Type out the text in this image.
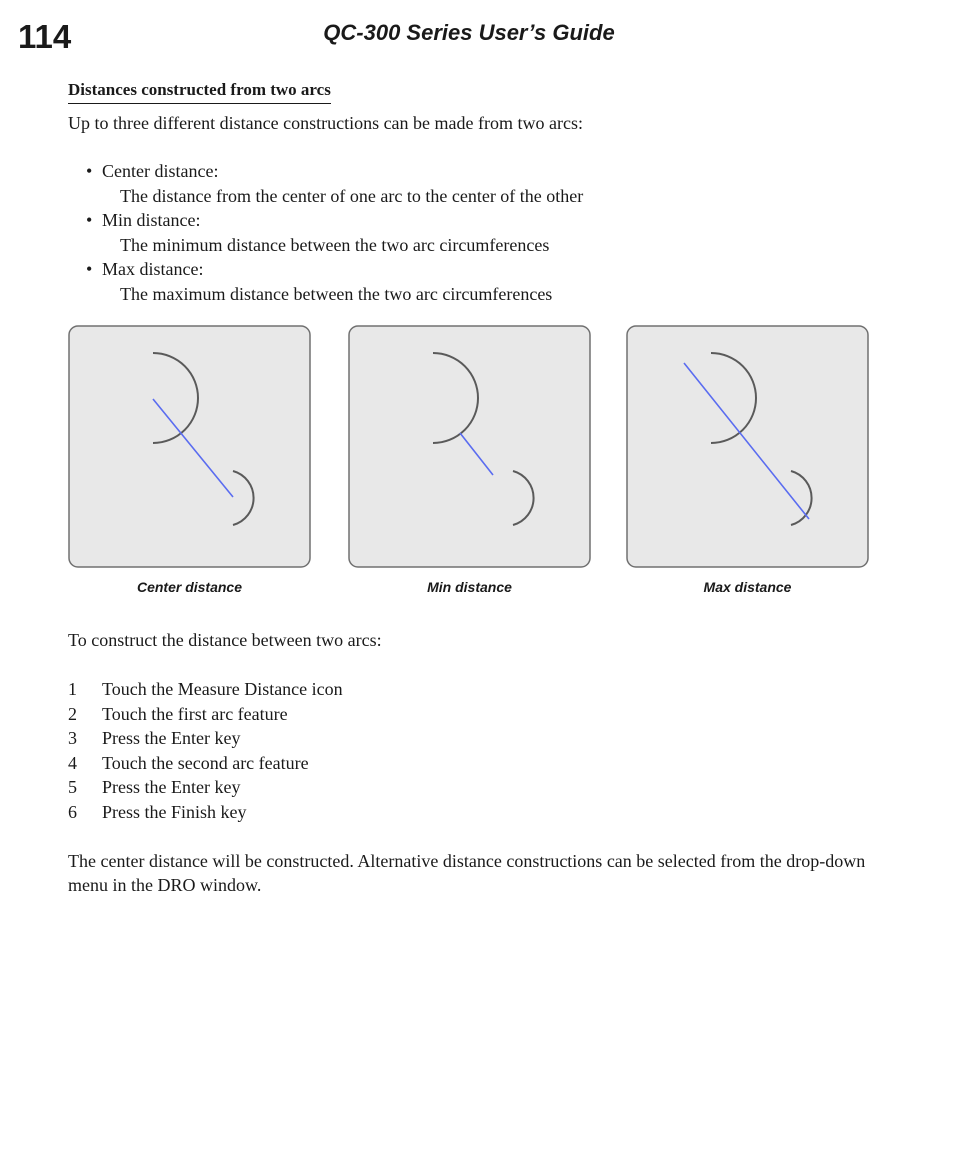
114	QC-300 Series User’s Guide
Distances constructed from two arcs

Up to three different distance constructions can be made from two arcs:

• Center distance:
The distance from the center of one arc to the center of the other
• Min distance:
The minimum distance between the two arc circumferences
• Max distance:
The maximum distance between the two arc circumferences
Center distance	Min distance	Max distance

To construct the distance between two arcs:

1 Touch the Measure Distance icon
2 Touch the first arc feature
3 Press the Enter key
4 Touch the second arc feature
5 Press the Enter key
6 Press the Finish key

The center distance will be constructed. Alternative distance constructions can be selected from the drop-down menu in the DRO window.
